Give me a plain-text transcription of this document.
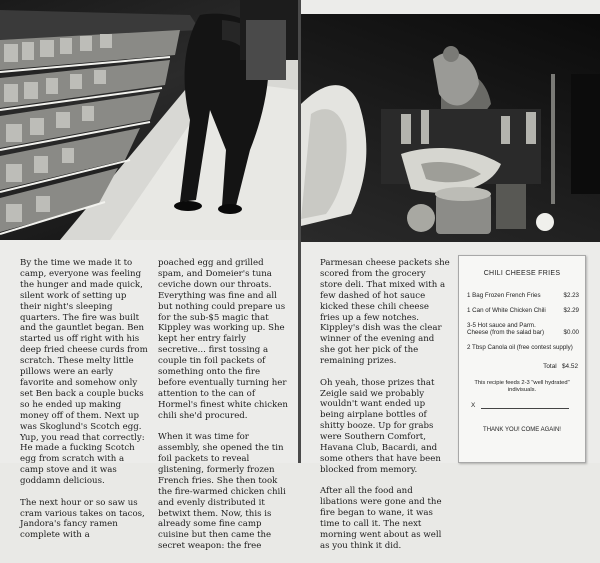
By the time we made it to camp, everyone was feeling the hunger and made quick, silent work of setting up their night's sleeping quarters. The fire was built and the gauntlet began. Ben started us off right with his deep fried cheese curds from scratch. These melty little pillows were an early favorite and somehow only set Ben back a couple bucks so he ended up making money off of them. Next up was Skoglund's Scotch egg. Yup, you read that correctly: He made a fucking Scotch egg from scratch with a camp stove and it was goddamn delicious.

The next hour or so saw us cram various takes on tacos, Jandora's fancy ramen complete with a

poached egg and grilled spam, and Domeier's tuna ceviche down our throats. Everything was fine and all but nothing could prepare us for the sub-$5 magic that Kippley was working up. She kept her entry fairly secretive... first tossing a couple tin foil packets of something onto the fire before eventually turning her attention to the can of Hormel's finest white chicken chili she'd procured.

When it was time for assembly, she opened the tin foil packets to reveal glistening, formerly frozen French fries. She then took the fire-warmed chicken chili and evenly distributed it betwixt them. Now, this is already some fine camp cuisine but then came the secret weapon: the free

Parmesan cheese packets she scored from the grocery store deli. That mixed with a few dashed of hot sauce kicked these chili cheese fries up a few notches. Kippley's dish was the clear winner of the evening and she got her pick of the remaining prizes.

Oh yeah, those prizes that Zeigle said we probably wouldn't want ended up being airplane bottles of shitty booze. Up for grabs were Southern Comfort, Havana Club, Bacardi, and some others that have been blocked from memory.

After all the food and libations were gone and the fire began to wane, it was time to call it. The next morning went about as well as you think it did.

CHILI CHEESE FRIES
1 Bag Frozen French Fries	$2.23
1 Can of White Chicken Chili	$2.29
3-5 Hot sauce and Parm. Cheese (from the salad bar)	$0.00
2 Tbsp Canola oil (free contest supply)
Total $4.52
This recipie feeds 2-3 "well hydrated" indivisuals.
X
THANK YOU! COME AGAIN!
